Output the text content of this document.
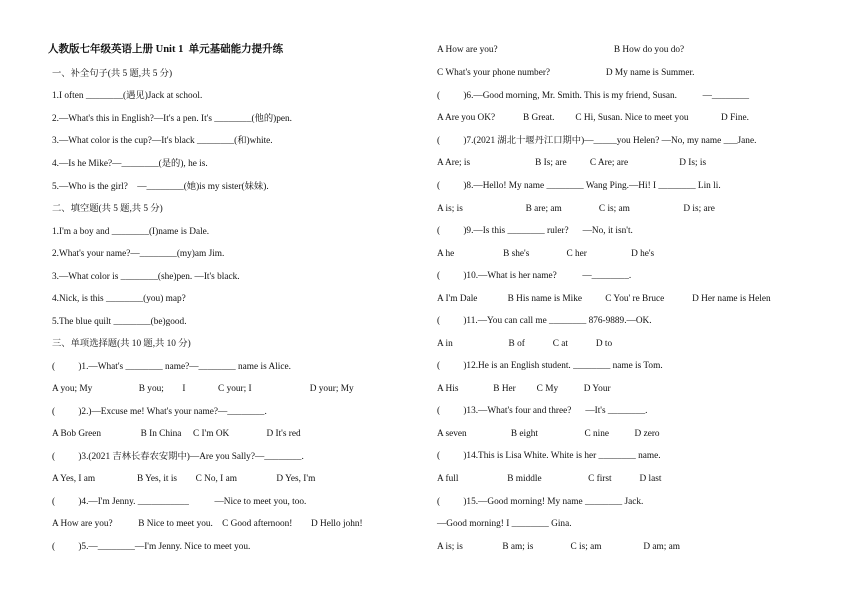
人教版七年级英语上册 Unit 1  单元基础能力提升练
一、补全句子(共 5 题,共 5 分)
1.I often ________(遇见)Jack at school.
2.—What's this in English?—It's a pen. It's ________(他的)pen.
3.—What color is the cup?—It's black ________(和)white.
4.—Is he Mike?—________(是的), he is.
5.—Who is the girl?    —________(她)is my sister(妹妹).
二、填空题(共 5 题,共 5 分)
1.I'm a boy and ________(I)name is Dale.
2.What's your name?—________(my)am Jim.
3.—What color is ________(she)pen. —It's black.
4.Nick, is this ________(you) map?
5.The blue quilt ________(be)good.
三、单项选择题(共 10 题,共 10 分)
(          )1.—What's ________ name?—________ name is Alice.
A you; My                    B you;        I              C your; I                         D your; My
(          )2.)—Excuse me! What's your name?—________.
A Bob Green                 B In China     C I'm OK                D It's red
(          )3.(2021 吉林长春农安期中)—Are you Sally?—________.
A Yes, I am                  B Yes, it is        C No, I am                 D Yes, I'm
(          )4.—I'm Jenny. ___________           —Nice to meet you, too.
A How are you?           B Nice to meet you.    C Good afternoon!        D Hello john!
(          )5.—________—I'm Jenny. Nice to meet you.
A How are you?                                                  B How do you do?
C What's your phone number?                        D My name is Summer.
(          )6.—Good morning, Mr. Smith. This is my friend, Susan.           —________
A Are you OK?            B Great.         C Hi, Susan. Nice to meet you              D Fine.
(          )7.(2021 湖北十堰丹江口期中)—_____you Helen? —No, my name ___Jane.
A Are; is                            B Is; are          C Are; are                      D Is; is
(          )8.—Hello! My name ________ Wang Ping.—Hi! I ________ Lin li.
A is; is                           B are; am                C is; am                       D is; are
(          )9.—Is this ________ ruler?      —No, it isn't.
A he                     B she's                C her                   D he's
(          )10.—What is her name?           —________.
A I'm Dale             B His name is Mike          C You' re Bruce            D Her name is Helen
(          )11.—You can call me ________ 876-9889.—OK.
A in                        B of            C at            D to
(          )12.He is an English student. ________ name is Tom.
A His               B Her         C My           D Your
(          )13.—What's four and three?      —It's ________.
A seven                   B eight                    C nine           D zero
(          )14.This is Lisa White. White is her ________ name.
A full                     B middle                    C first            D last
(          )15.—Good morning! My name ________ Jack.
—Good morning! I ________ Gina.
A is; is                 B am; is                C is; am                  D am; am
